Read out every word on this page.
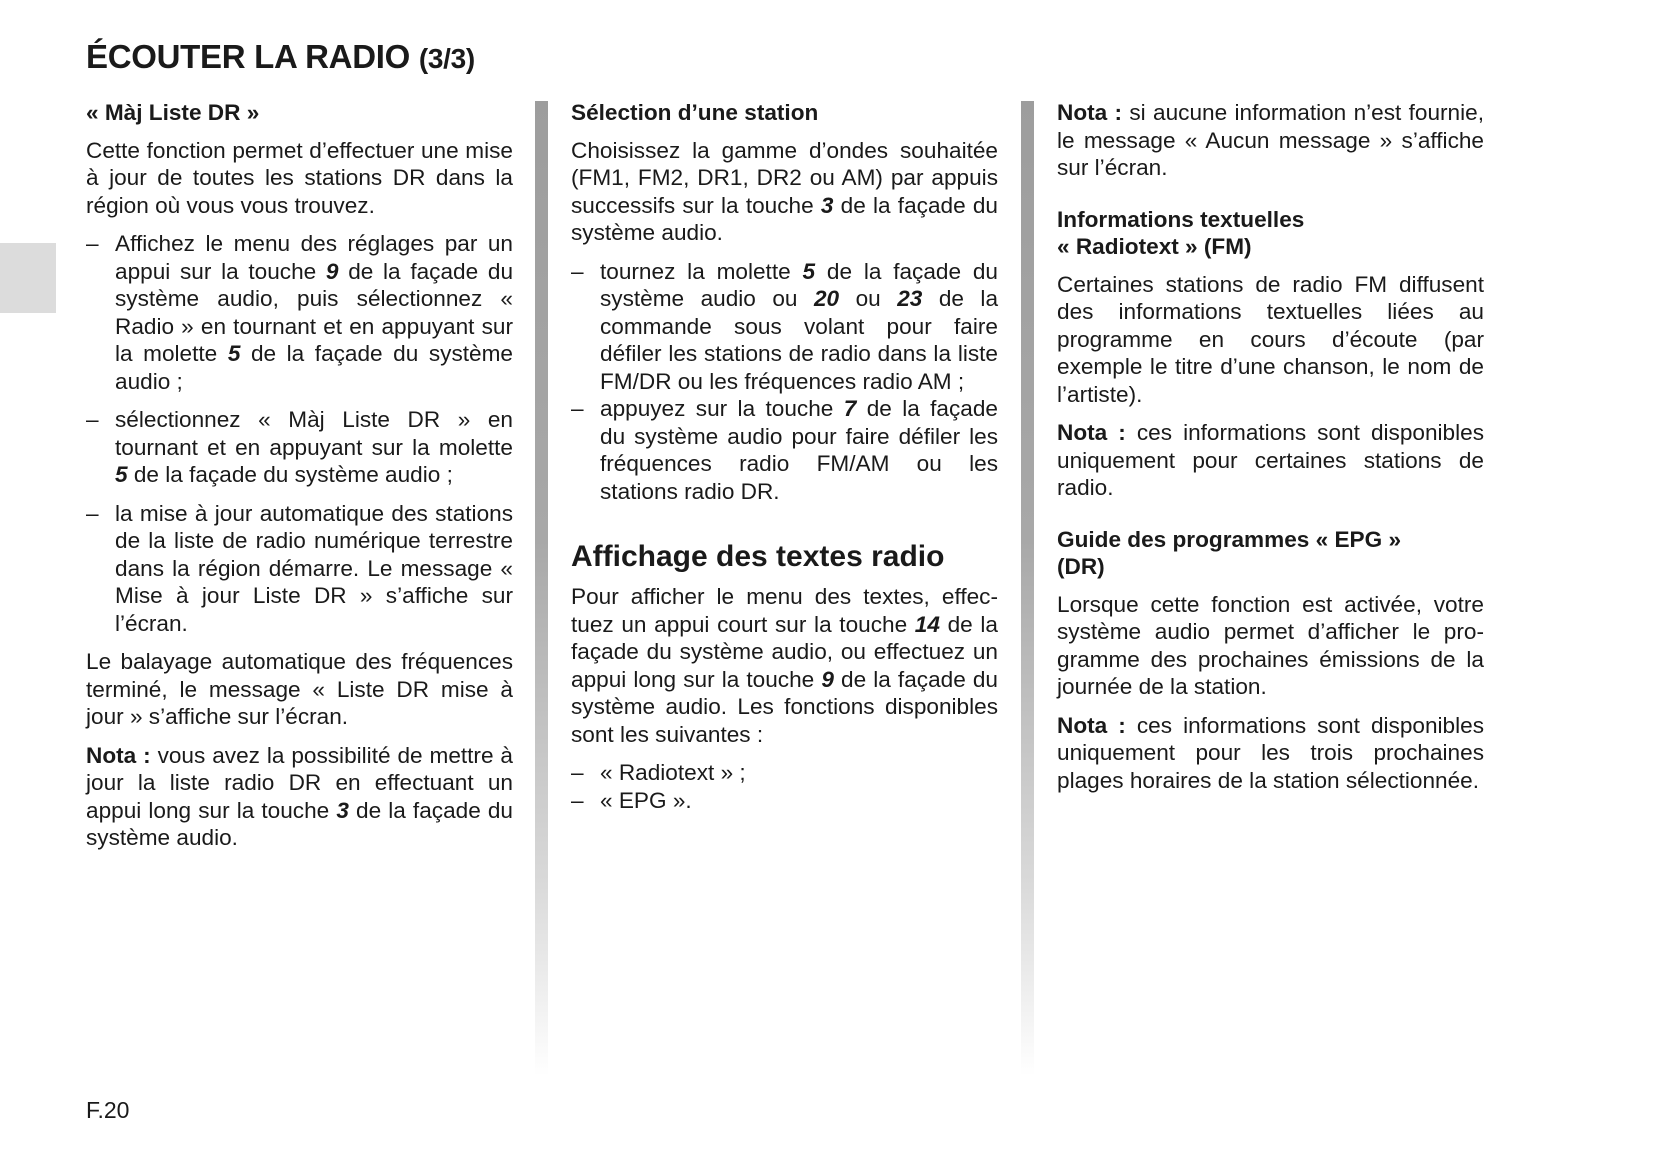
ÉCOUTER LA RADIO (3/3)
« Màj Liste DR »

Cette fonction permet d’effectuer une mise à jour de toutes les stations DR dans la région où vous vous trouvez.

– Affichez le menu des réglages par un appui sur la touche 9 de la façade du système audio, puis sélectionnez « Radio » en tournant et en appuyant sur la molette 5 de la façade du système audio ;
– sélectionnez « Màj Liste DR » en tournant et en appuyant sur la molette 5 de la façade du système audio ;
– la mise à jour automatique des stations de la liste de radio numérique terrestre dans la région démarre. Le message « Mise à jour Liste DR » s’affiche sur l’écran.

Le balayage automatique des fréquences terminé, le message « Liste DR mise à jour » s’affiche sur l’écran.

Nota : vous avez la possibilité de mettre à jour la liste radio DR en effectuant un appui long sur la touche 3 de la façade du système audio.

Sélection d’une station

Choisissez la gamme d’ondes souhaitée (FM1, FM2, DR1, DR2 ou AM) par appuis successifs sur la touche 3 de la façade du système audio.

– tournez la molette 5 de la façade du système audio ou 20 ou 23 de la commande sous volant pour faire défiler les stations de radio dans la liste FM/DR ou les fréquences radio AM ;
– appuyez sur la touche 7 de la façade du système audio pour faire défiler les fréquences radio FM/AM ou les stations radio DR.
Affichage des textes radio

Pour afficher le menu des textes, effectuez un appui court sur la touche 14 de la façade du système audio, ou effectuez un appui long sur la touche 9 de la façade du système audio. Les fonctions disponibles sont les suivantes :

– « Radiotext » ;
– « EPG ».

Nota : si aucune information n’est fournie, le message « Aucun message » s’affiche sur l’écran.

Informations textuelles
« Radiotext » (FM)

Certaines stations de radio FM diffusent des informations textuelles liées au programme en cours d’écoute (par exemple le titre d’une chanson, le nom de l’artiste).

Nota : ces informations sont disponibles uniquement pour certaines stations de radio.

Guide des programmes « EPG »
(DR)

Lorsque cette fonction est activée, votre système audio permet d’afficher le programme des prochaines émissions de la journée de la station.

Nota : ces informations sont disponibles uniquement pour les trois prochaines plages horaires de la station sélectionnée.

F.20
